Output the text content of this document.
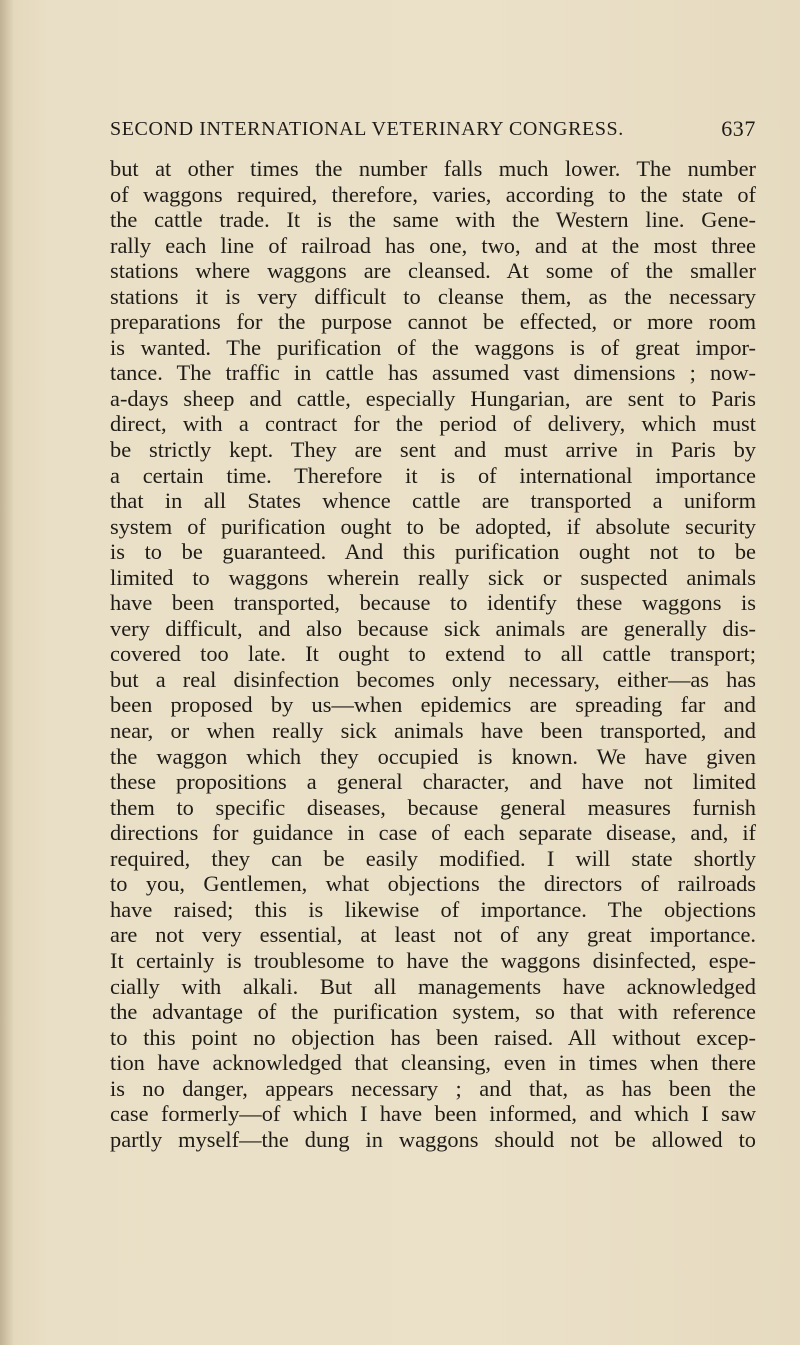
SECOND INTERNATIONAL VETERINARY CONGRESS.	637
but at other times the number falls much lower. The number
of waggons required, therefore, varies, according to the state of
the cattle trade. It is the same with the Western line. Gene-
rally each line of railroad has one, two, and at the most three
stations where waggons are cleansed. At some of the smaller
stations it is very difficult to cleanse them, as the necessary
preparations for the purpose cannot be effected, or more room
is wanted. The purification of the waggons is of great impor-
tance. The traffic in cattle has assumed vast dimensions ; now-
a-days sheep and cattle, especially Hungarian, are sent to Paris
direct, with a contract for the period of delivery, which must
be strictly kept. They are sent and must arrive in Paris by
a certain time. Therefore it is of international importance
that in all States whence cattle are transported a uniform
system of purification ought to be adopted, if absolute security
is to be guaranteed. And this purification ought not to be
limited to waggons wherein really sick or suspected animals
have been transported, because to identify these waggons is
very difficult, and also because sick animals are generally dis-
covered too late. It ought to extend to all cattle transport;
but a real disinfection becomes only necessary, either—as has
been proposed by us—when epidemics are spreading far and
near, or when really sick animals have been transported, and
the waggon which they occupied is known. We have given
these propositions a general character, and have not limited
them to specific diseases, because general measures furnish
directions for guidance in case of each separate disease, and, if
required, they can be easily modified. I will state shortly
to you, Gentlemen, what objections the directors of railroads
have raised; this is likewise of importance. The objections
are not very essential, at least not of any great importance.
It certainly is troublesome to have the waggons disinfected, espe-
cially with alkali. But all managements have acknowledged
the advantage of the purification system, so that with reference
to this point no objection has been raised. All without excep-
tion have acknowledged that cleansing, even in times when there
is no danger, appears necessary ; and that, as has been the
case formerly—of which I have been informed, and which I saw
partly myself—the dung in waggons should not be allowed to
